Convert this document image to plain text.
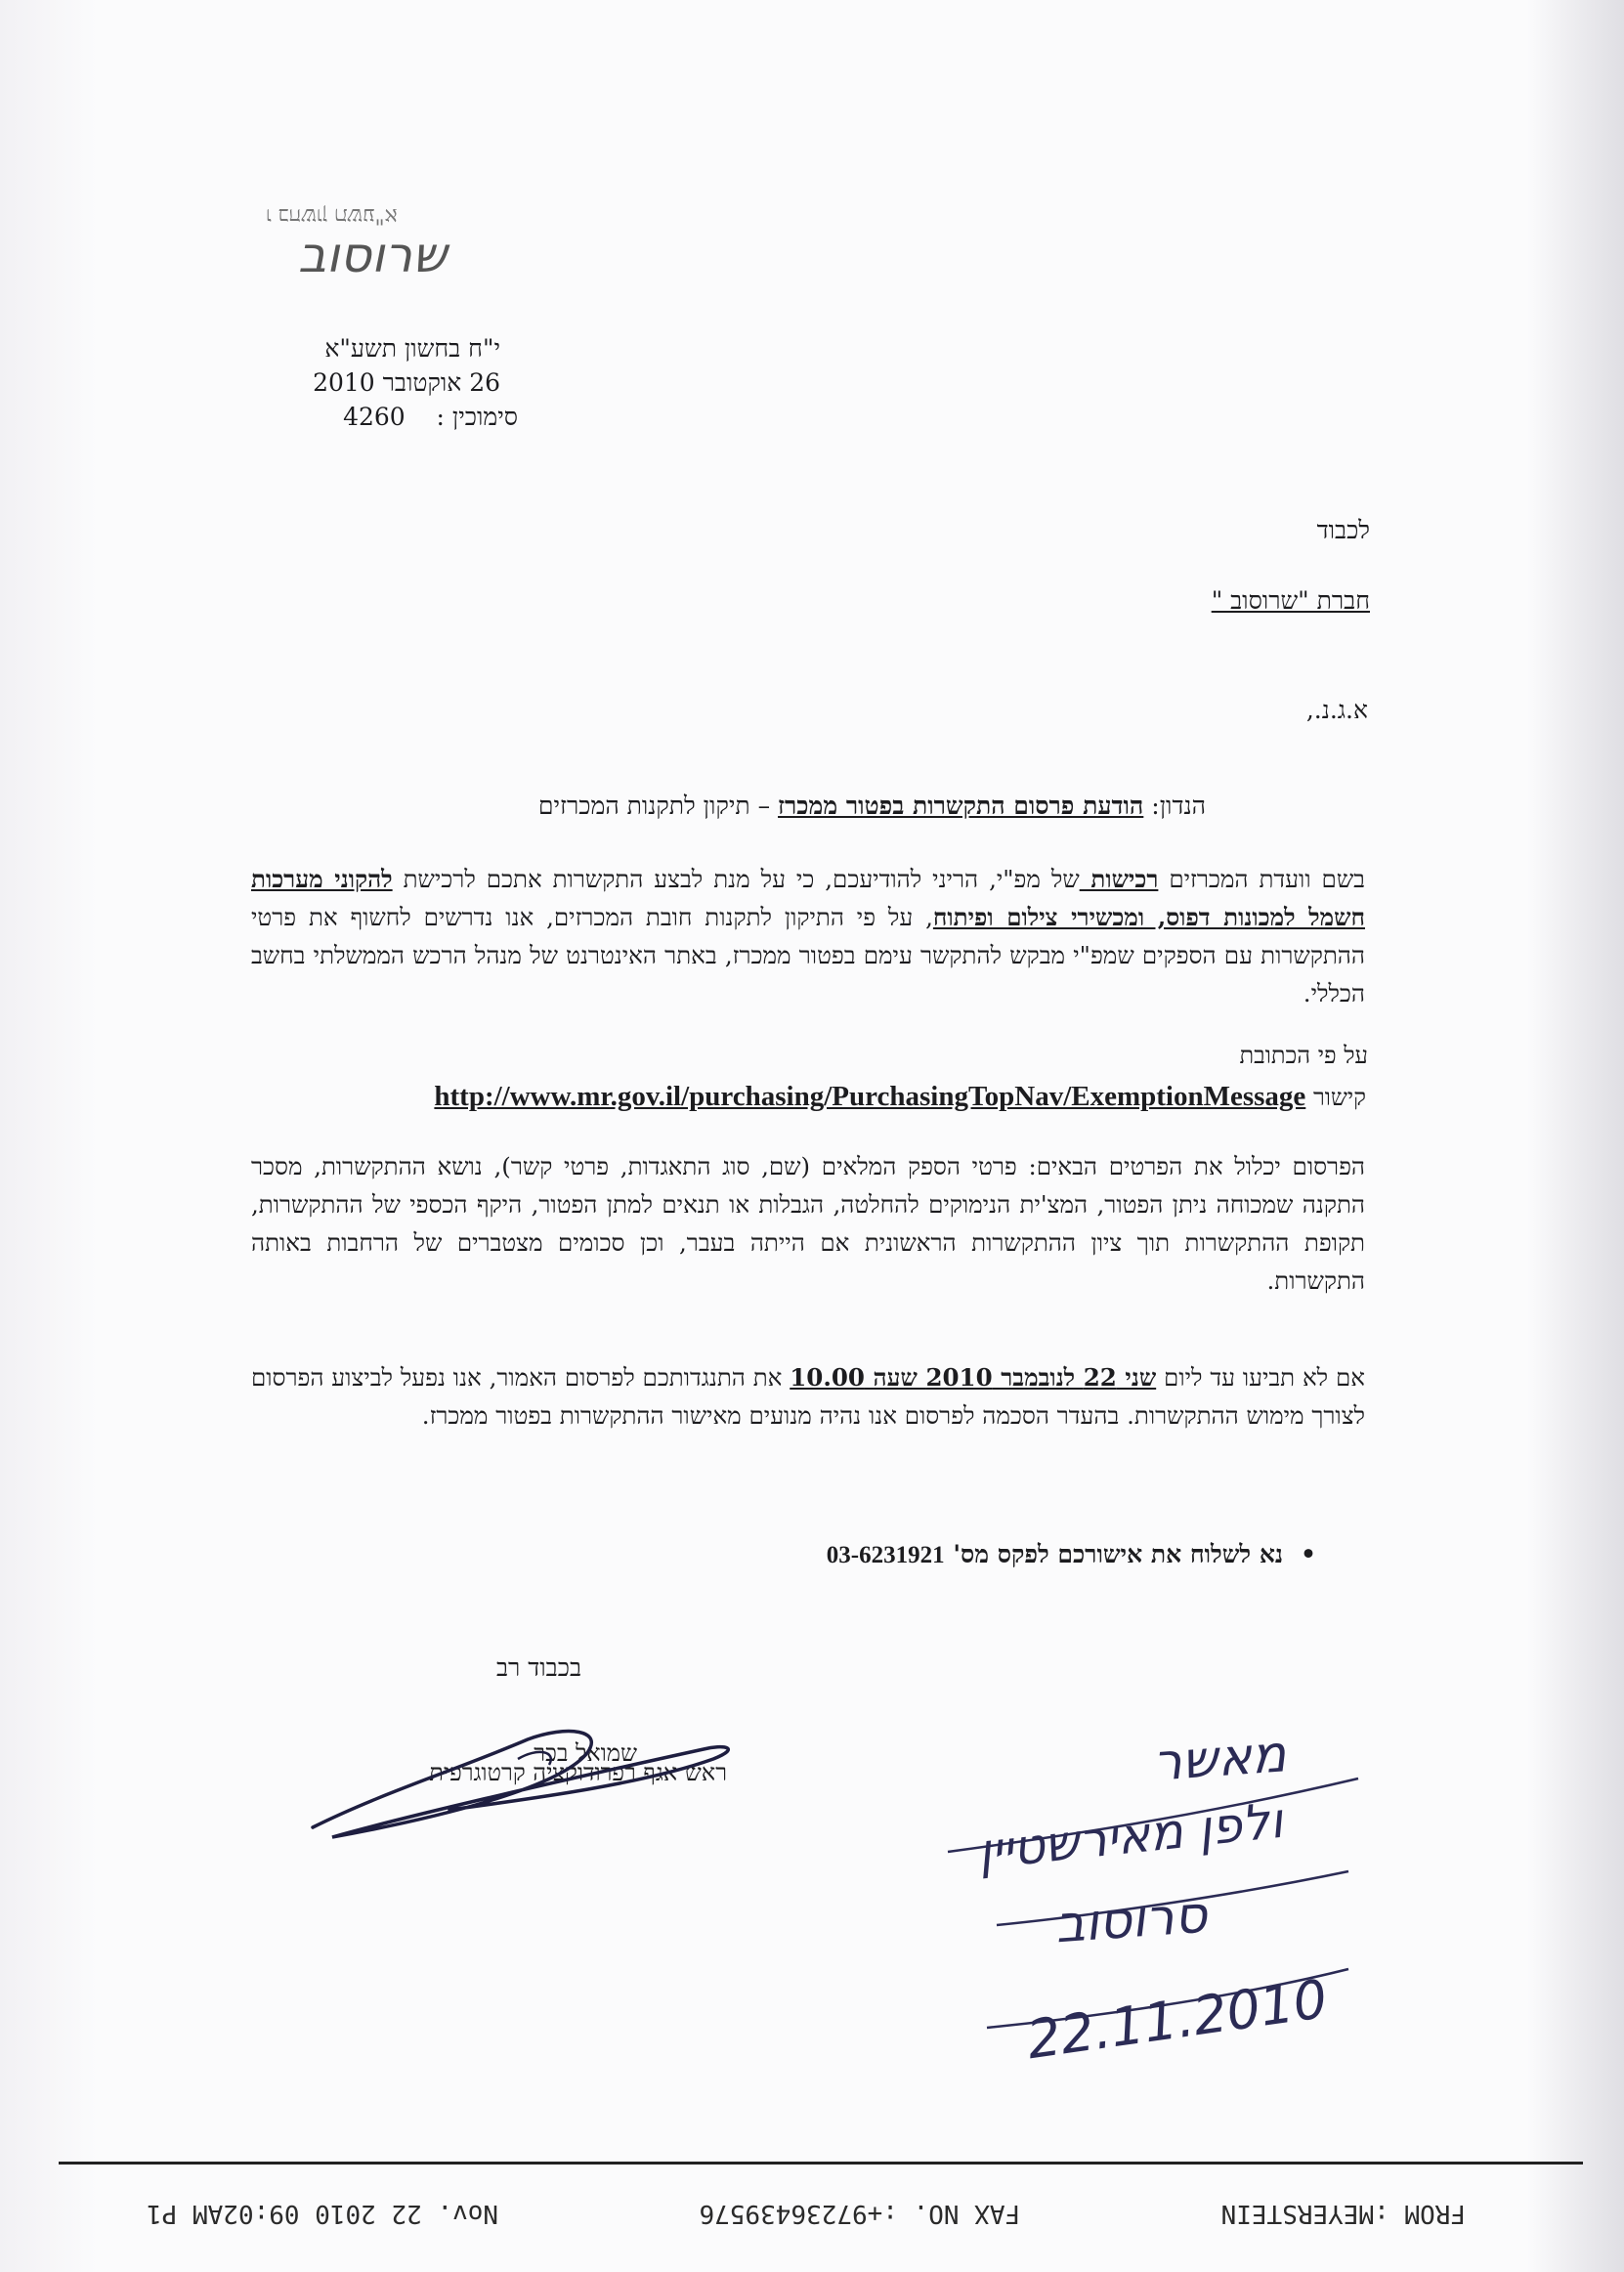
ו בחשון תשע"א
שרוסוב
י"ח בחשון תשע"א
26 אוקטובר 2010
סימוכין :    4260
לכבוד
חברת "שרוסוב "
א.ג.נ.,
הנדון: הודעת פרסום התקשרות בפטור ממכרז – תיקון לתקנות המכרזים
בשם וועדת המכרזים רכישות של מפ"י, הריני להודיעכם, כי על מנת לבצע התקשרות אתכם לרכישת להקוני מערכות חשמל למכונות דפוס, ומכשירי צילום ופיתוח, על פי התיקון לתקנות חובת המכרזים, אנו נדרשים לחשוף את פרטי ההתקשרות עם הספקים שמפ"י מבקש להתקשר עימם בפטור ממכרז, באתר האינטרנט של מנהל הרכש הממשלתי בחשב הכללי.
על פי הכתובת
קישור http://www.mr.gov.il/purchasing/PurchasingTopNav/ExemptionMessage
הפרסום יכלול את הפרטים הבאים: פרטי הספק המלאים (שם, סוג התאגדות, פרטי קשר), נושא ההתקשרות, מסכר התקנה שמכוחה ניתן הפטור, המצ'ית הנימוקים להחלטה, הגבלות או תנאים למתן הפטור, היקף הכספי של ההתקשרות, תקופת ההתקשרות תוך ציון ההתקשרות הראשונית אם הייתה בעבר, וכן סכומים מצטברים של הרחבות באותה התקשרות.
אם לא תביעו עד ליום שני 22 לנובמבר 2010 שעה 10.00 את התנגדותכם לפרסום האמור, אנו נפעל לביצוע הפרסום לצורך מימוש ההתקשרות. בהעדר הסכמה לפרסום אנו נהיה מנועים מאישור ההתקשרות בפטור ממכרז.
•נא לשלוח את אישורכם לפקס מס' 03-6231921
בכבוד רב
שמואל בכר
ראש אגף רפרודוקציה קרטוגרפית	מאשר
ולפן מאירשטיין
סרוסוב
22.11.2010
FROM :MEYERSTEIN
FAX NO. :+97236439576
Nov. 22 2010 09:02AM P1
